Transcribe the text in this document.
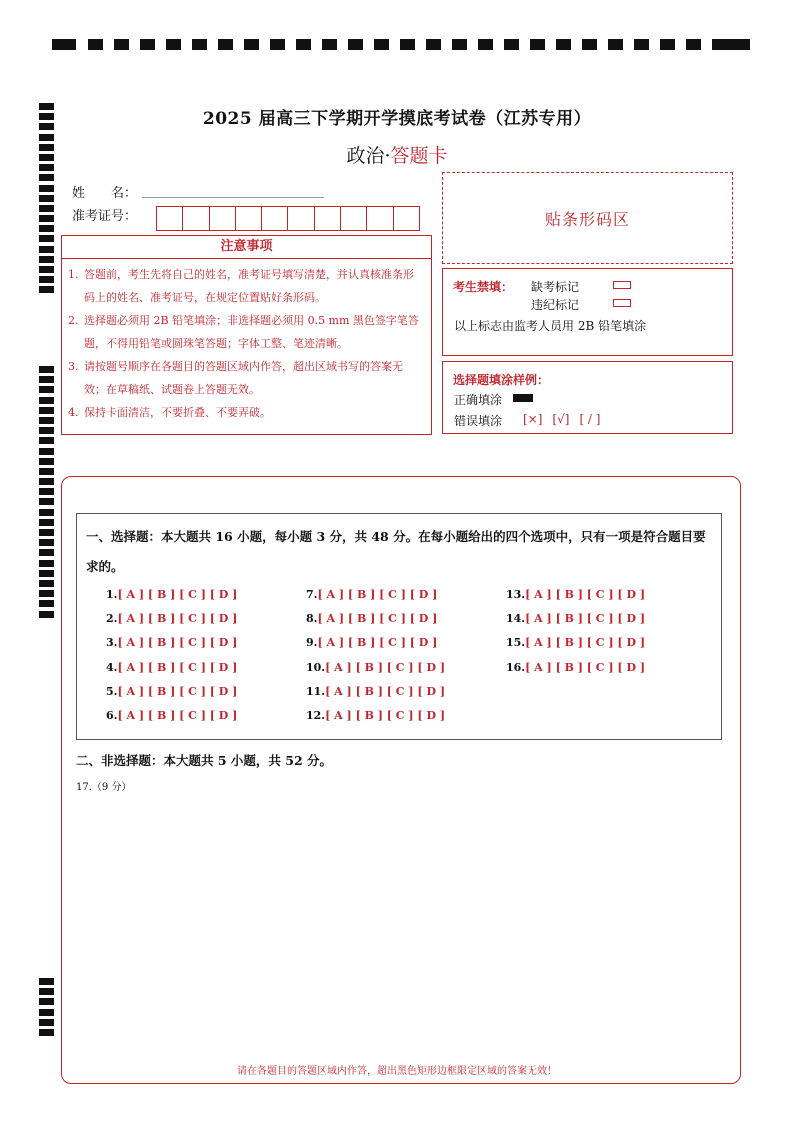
2025 届高三下学期开学摸底考试卷（江苏专用）
政治·答题卡
姓　　名：
准考证号：	贴条形码区
注意事项
1. 答题前，考生先将自己的姓名，准考证号填写清楚，并认真核准条形码上的姓名、准考证号，在规定位置贴好条形码。
2. 选择题必须用 2B 铅笔填涂；非选择题必须用 0.5 mm 黑色签字笔答题，不得用铅笔或圆珠笔答题；字体工整、笔迹清晰。
3. 请按题号顺序在各题目的答题区域内作答，超出区域书写的答案无效；在草稿纸、试题卷上答题无效。
4. 保持卡面清洁，不要折叠、不要弄破。
考生禁填： 缺考标记
违纪标记
以上标志由监考人员用 2B 铅笔填涂
选择题填涂样例：
正确填涂
错误填涂 [×] [√] [ / ]
一、选择题：本大题共 16 小题，每小题 3 分，共 48 分。在每小题给出的四个选项中，只有一项是符合题目要求的。
1.[ A ] [ B ] [ C ] [ D ]
2.[ A ] [ B ] [ C ] [ D ]
3.[ A ] [ B ] [ C ] [ D ]
4.[ A ] [ B ] [ C ] [ D ]
5.[ A ] [ B ] [ C ] [ D ]
6.[ A ] [ B ] [ C ] [ D ]
7.[ A ] [ B ] [ C ] [ D ]
8.[ A ] [ B ] [ C ] [ D ]
9.[ A ] [ B ] [ C ] [ D ]
10.[ A ] [ B ] [ C ] [ D ]
11.[ A ] [ B ] [ C ] [ D ]
12.[ A ] [ B ] [ C ] [ D ]
13.[ A ] [ B ] [ C ] [ D ]
14.[ A ] [ B ] [ C ] [ D ]
15.[ A ] [ B ] [ C ] [ D ]
16.[ A ] [ B ] [ C ] [ D ]
二、非选择题：本大题共 5 小题，共 52 分。
17.（9 分）
请在各题目的答题区域内作答，超出黑色矩形边框限定区域的答案无效！
